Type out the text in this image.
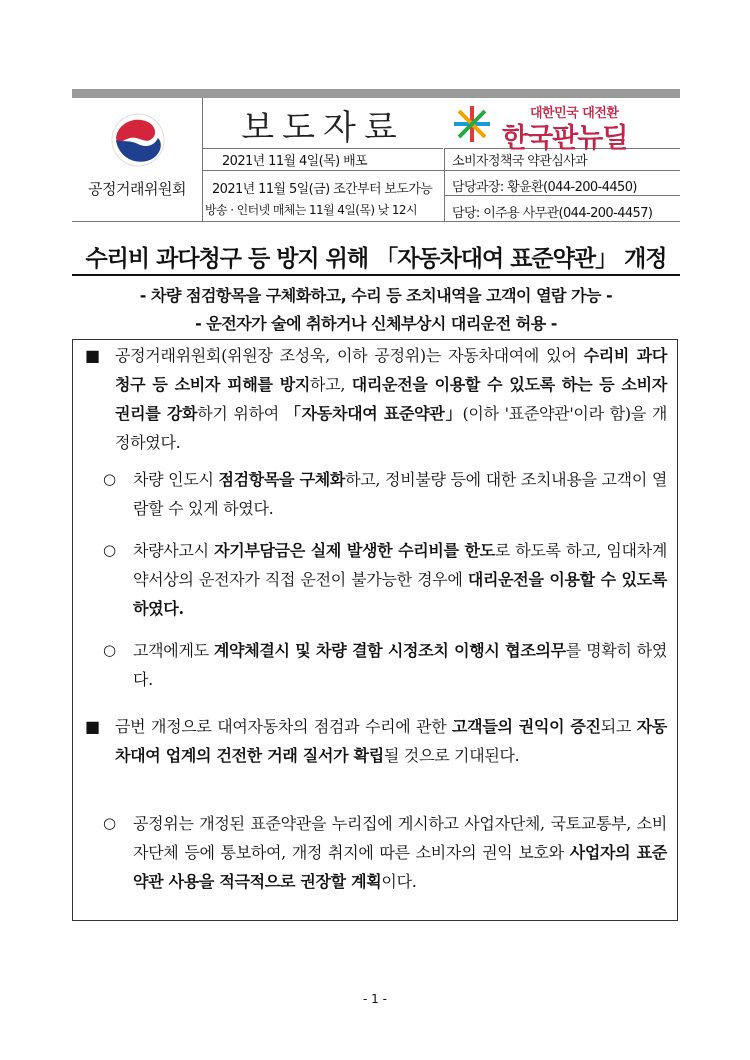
공정거래위원회
보도자료	대한민국 대전환
한국판뉴딜
2021년 11월 4일(목) 배포
2021년 11월 5일(금) 조간부터 보도가능
방송 · 인터넷 매체는 11월 4일(목) 낮 12시
소비자정책국 약관심사과
담당과장: 황윤환(044-200-4450)
담당: 이주용 사무관(044-200-4457)
수리비 과다청구 등 방지 위해 「자동차대여 표준약관」 개정
- 차량 점검항목을 구체화하고, 수리 등 조치내역을 고객이 열람 가능 -
- 운전자가 술에 취하거나 신체부상시 대리운전 허용 -
■ 공정거래위원회(위원장 조성욱, 이하 공정위)는 자동차대여에 있어 수리비 과다 청구 등 소비자 피해를 방지하고, 대리운전을 이용할 수 있도록 하는 등 소비자 권리를 강화하기 위하여 「자동차대여 표준약관」(이하 '표준약관'이라 함)을 개정하였다.
○ 차량 인도시 점검항목을 구체화하고, 정비불량 등에 대한 조치내용을 고객이 열람할 수 있게 하였다.
○ 차량사고시 자기부담금은 실제 발생한 수리비를 한도로 하도록 하고, 임대차계약서상의 운전자가 직접 운전이 불가능한 경우에 대리운전을 이용할 수 있도록 하였다.
○ 고객에게도 계약체결시 및 차량 결함 시정조치 이행시 협조의무를 명확히 하였다.
■ 금번 개정으로 대여자동차의 점검과 수리에 관한 고객들의 권익이 증진되고 자동차대여 업계의 건전한 거래 질서가 확립될 것으로 기대된다.
○ 공정위는 개정된 표준약관을 누리집에 게시하고 사업자단체, 국토교통부, 소비자단체 등에 통보하여, 개정 취지에 따른 소비자의 권익 보호와 사업자의 표준약관 사용을 적극적으로 권장할 계획이다.
- 1 -
